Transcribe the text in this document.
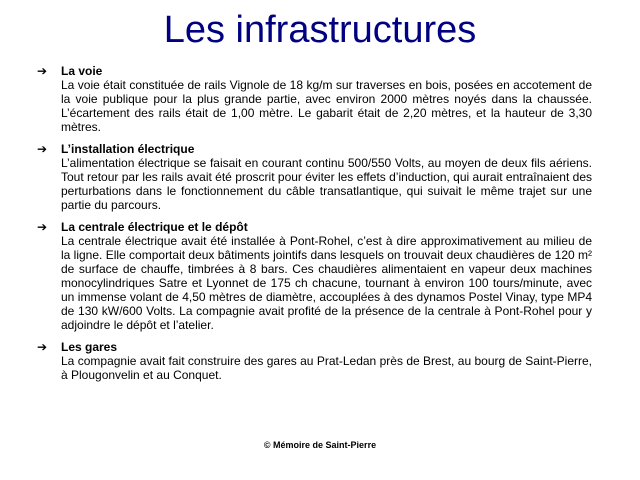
Les infrastructures
➔ La voie
La voie était constituée de rails Vignole de 18 kg/m sur traverses en bois, posées en accotement de la voie publique pour la plus grande partie, avec environ 2000 mètres noyés dans la chaussée. L’écartement des rails était de 1,00 mètre. Le gabarit était de 2,20 mètres, et la hauteur de 3,30 mètres.
➔ L’installation électrique
L’alimentation électrique se faisait en courant continu 500/550 Volts, au moyen de deux fils aériens. Tout retour par les rails avait été proscrit pour éviter les effets d’induction, qui aurait entraînaient des perturbations dans le fonctionnement du câble transatlantique, qui suivait le même trajet sur une partie du parcours.
➔ La centrale électrique et le dépôt
La centrale électrique avait été installée à Pont-Rohel, c’est à dire approximativement au milieu de la ligne. Elle comportait deux bâtiments jointifs dans lesquels on trouvait deux chaudières de 120 m² de surface de chauffe, timbrées à 8 bars. Ces chaudières alimentaient en vapeur deux machines monocylindriques Satre et Lyonnet de 175 ch chacune, tournant à environ 100 tours/minute, avec un immense volant de 4,50 mètres de diamètre, accouplées à des dynamos Postel Vinay, type MP4 de 130 kW/600 Volts. La compagnie avait profité de la présence de la centrale à Pont-Rohel pour y adjoindre le dépôt et l’atelier.
➔ Les gares
La compagnie avait fait construire des gares au Prat-Ledan près de Brest, au bourg de Saint-Pierre, à Plougonvelin et au Conquet.
© Mémoire de Saint-Pierre
